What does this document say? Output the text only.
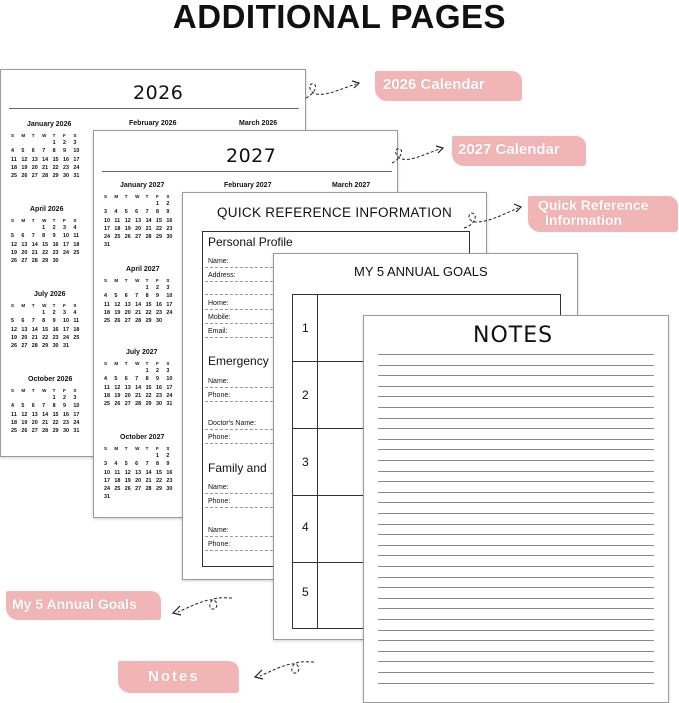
ADDITIONAL PAGES
2026
January 2026	February 2026	March 2026
S	M	T	W	T	F	S
				1	2	3
4	5	6	7	8	9	10
11	12	13	14	15	16	17
18	19	20	21	22	23	24
25	26	27	28	29	30	31
April 2026
S	M	T	W	T	F	S
			1	2	3	4
5	6	7	8	9	10	11
12	13	14	15	16	17	18
19	20	21	22	23	24	25
26	27	28	29	30		
July 2026
S	M	T	W	T	F	S
			1	2	3	4
5	6	7	8	9	10	11
12	13	14	15	16	17	18
19	20	21	22	23	24	25
26	27	28	29	30	31	
October 2026
S	M	T	W	T	F	S
				1	2	3
4	5	6	7	8	9	10
11	12	13	14	15	16	17
18	19	20	21	22	23	24
25	26	27	28	29	30	31
2027
January 2027	February 2027	March 2027
S	M	T	W	T	F	S
					1	2
3	4	5	6	7	8	9
10	11	12	13	14	15	16
17	18	19	20	21	22	23
24	25	26	27	28	29	30
31						
April 2027
S	M	T	W	T	F	S
				1	2	3
4	5	6	7	8	9	10
11	12	13	14	15	16	17
18	19	20	21	22	23	24
25	26	27	28	29	30	
July 2027
S	M	T	W	T	F	S
				1	2	3
4	5	6	7	8	9	10
11	12	13	14	15	16	17
18	19	20	21	22	23	24
25	26	27	28	29	30	31
October 2027
S	M	T	W	T	F	S
					1	2
3	4	5	6	7	8	9
10	11	12	13	14	15	16
17	18	19	20	21	22	23
24	25	26	27	28	29	30
31						
QUICK REFERENCE INFORMATION
Personal Profile
Name:
Address:
Home:
Mobile:
Email:
Emergency
Name:
Phone:
Doctor's Name:
Phone:
Family and
Name:
Phone:
Name:
Phone:
MY 5 ANNUAL GOALS
1
2
3
4
5
NOTES
2026 Calendar
2027 Calendar
Quick Reference
Information
My 5 Annual Goals
Notes
